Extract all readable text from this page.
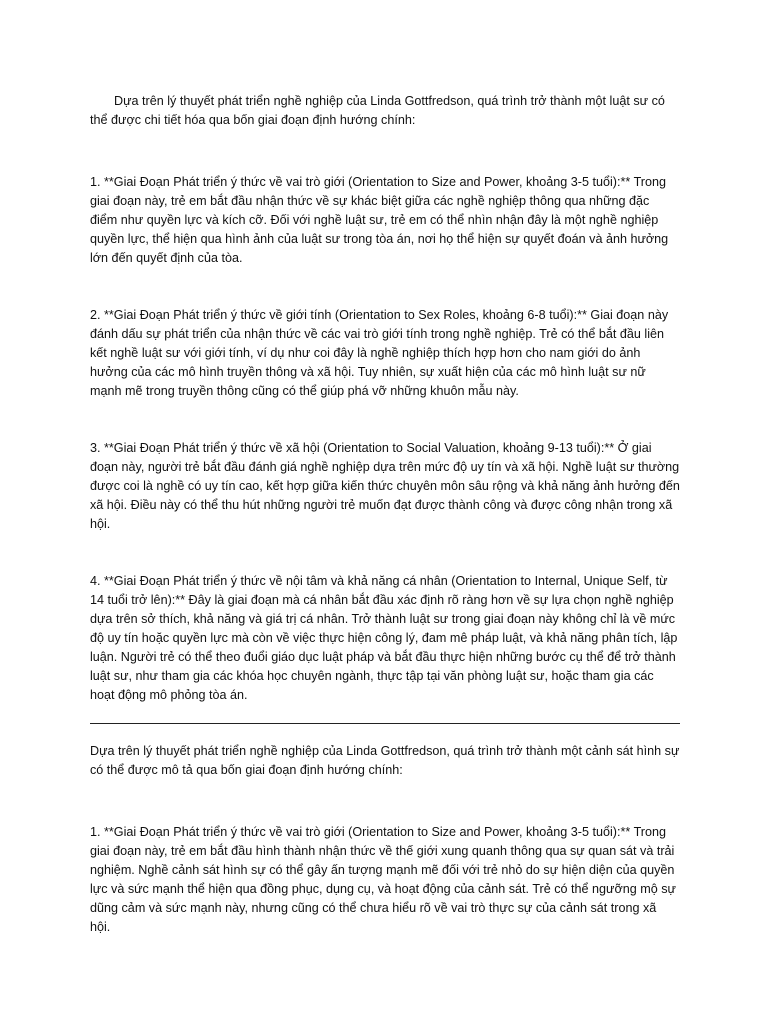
Dựa trên lý thuyết phát triển nghề nghiệp của Linda Gottfredson, quá trình trở thành một luật sư có thể được chi tiết hóa qua bốn giai đoạn định hướng chính:

1. **Giai Đoạn Phát triển ý thức về vai trò giới (Orientation to Size and Power, khoảng 3-5 tuổi):** Trong giai đoạn này, trẻ em bắt đầu nhận thức về sự khác biệt giữa các nghề nghiệp thông qua những đặc điểm như quyền lực và kích cỡ. Đối với nghề luật sư, trẻ em có thể nhìn nhận đây là một nghề nghiệp quyền lực, thể hiện qua hình ảnh của luật sư trong tòa án, nơi họ thể hiện sự quyết đoán và ảnh hưởng lớn đến quyết định của tòa.

2. **Giai Đoạn Phát triển ý thức về giới tính (Orientation to Sex Roles, khoảng 6-8 tuổi):** Giai đoạn này đánh dấu sự phát triển của nhận thức về các vai trò giới tính trong nghề nghiệp. Trẻ có thể bắt đầu liên kết nghề luật sư với giới tính, ví dụ như coi đây là nghề nghiệp thích hợp hơn cho nam giới do ảnh hưởng của các mô hình truyền thông và xã hội. Tuy nhiên, sự xuất hiện của các mô hình luật sư nữ mạnh mẽ trong truyền thông cũng có thể giúp phá vỡ những khuôn mẫu này.

3. **Giai Đoạn Phát triển ý thức về xã hội (Orientation to Social Valuation, khoảng 9-13 tuổi):** Ở giai đoạn này, người trẻ bắt đầu đánh giá nghề nghiệp dựa trên mức độ uy tín và xã hội. Nghề luật sư thường được coi là nghề có uy tín cao, kết hợp giữa kiến thức chuyên môn sâu rộng và khả năng ảnh hưởng đến xã hội. Điều này có thể thu hút những người trẻ muốn đạt được thành công và được công nhận trong xã hội.

4. **Giai Đoạn Phát triển ý thức về nội tâm và khả năng cá nhân (Orientation to Internal, Unique Self, từ 14 tuổi trở lên):** Đây là giai đoạn mà cá nhân bắt đầu xác định rõ ràng hơn về sự lựa chọn nghề nghiệp dựa trên sở thích, khả năng và giá trị cá nhân. Trở thành luật sư trong giai đoạn này không chỉ là về mức độ uy tín hoặc quyền lực mà còn về việc thực hiện công lý, đam mê pháp luật, và khả năng phân tích, lập luận. Người trẻ có thể theo đuổi giáo dục luật pháp và bắt đầu thực hiện những bước cụ thể để trở thành luật sư, như tham gia các khóa học chuyên ngành, thực tập tại văn phòng luật sư, hoặc tham gia các hoạt động mô phỏng tòa án.

Dựa trên lý thuyết phát triển nghề nghiệp của Linda Gottfredson, quá trình trở thành một cảnh sát hình sự có thể được mô tả qua bốn giai đoạn định hướng chính:

1. **Giai Đoạn Phát triển ý thức về vai trò giới (Orientation to Size and Power, khoảng 3-5 tuổi):** Trong giai đoạn này, trẻ em bắt đầu hình thành nhận thức về thế giới xung quanh thông qua sự quan sát và trải nghiệm. Nghề cảnh sát hình sự có thể gây ấn tượng mạnh mẽ đối với trẻ nhỏ do sự hiện diện của quyền lực và sức mạnh thể hiện qua đồng phục, dụng cụ, và hoạt động của cảnh sát. Trẻ có thể ngưỡng mộ sự dũng cảm và sức mạnh này, nhưng cũng có thể chưa hiểu rõ về vai trò thực sự của cảnh sát trong xã hội.
